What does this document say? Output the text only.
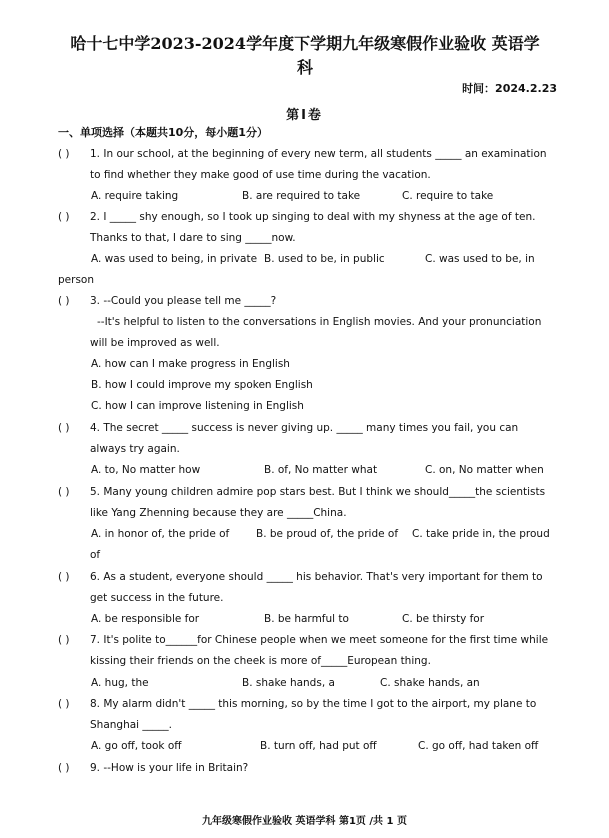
哈十七中学2023-2024学年度下学期九年级寒假作业验收 英语学
科
时间：2024.2.23
第I卷
一、单项选择（本题共10分，每小题1分）
( ) 1. In our school, at the beginning of every new term, all students _____ an examination
to find whether they make good of use time during the vacation.
A. require taking	B. are required to take	C. require to take
( ) 2. I _____ shy enough, so I took up singing to deal with my shyness at the age of ten.
Thanks to that, I dare to sing _____now.
A. was used to being, in private B. used to be, in public	C. was used to be, in
person
( ) 3. --Could you please tell me _____?
--It's helpful to listen to the conversations in English movies. And your pronunciation
will be improved as well.
A. how can I make progress in English
B. how I could improve my spoken English
C. how I can improve listening in English
( ) 4. The secret _____ success is never giving up. _____ many times you fail, you can
always try again.
A. to, No matter how	B. of, No matter what	C. on, No matter when
( ) 5. Many young children admire pop stars best. But I think we should_____the scientists
like Yang Zhenning because they are _____China.
A. in honor of, the pride of	B. be proud of, the pride of C. take pride in, the proud
of
( ) 6. As a student, everyone should _____ his behavior. That's very important for them to
get success in the future.
A. be responsible for	B. be harmful to	C. be thirsty for
( ) 7. It's polite to______for Chinese people when we meet someone for the first time while
kissing their friends on the cheek is more of_____European thing.
A. hug, the	B. shake hands, a	C. shake hands, an
( ) 8. My alarm didn't _____ this morning, so by the time I got to the airport, my plane to
Shanghai _____.
A. go off, took off	B. turn off, had put off	C. go off, had taken off
( ) 9. --How is your life in Britain?
九年级寒假作业验收 英语学科 第1页 /共 1 页
